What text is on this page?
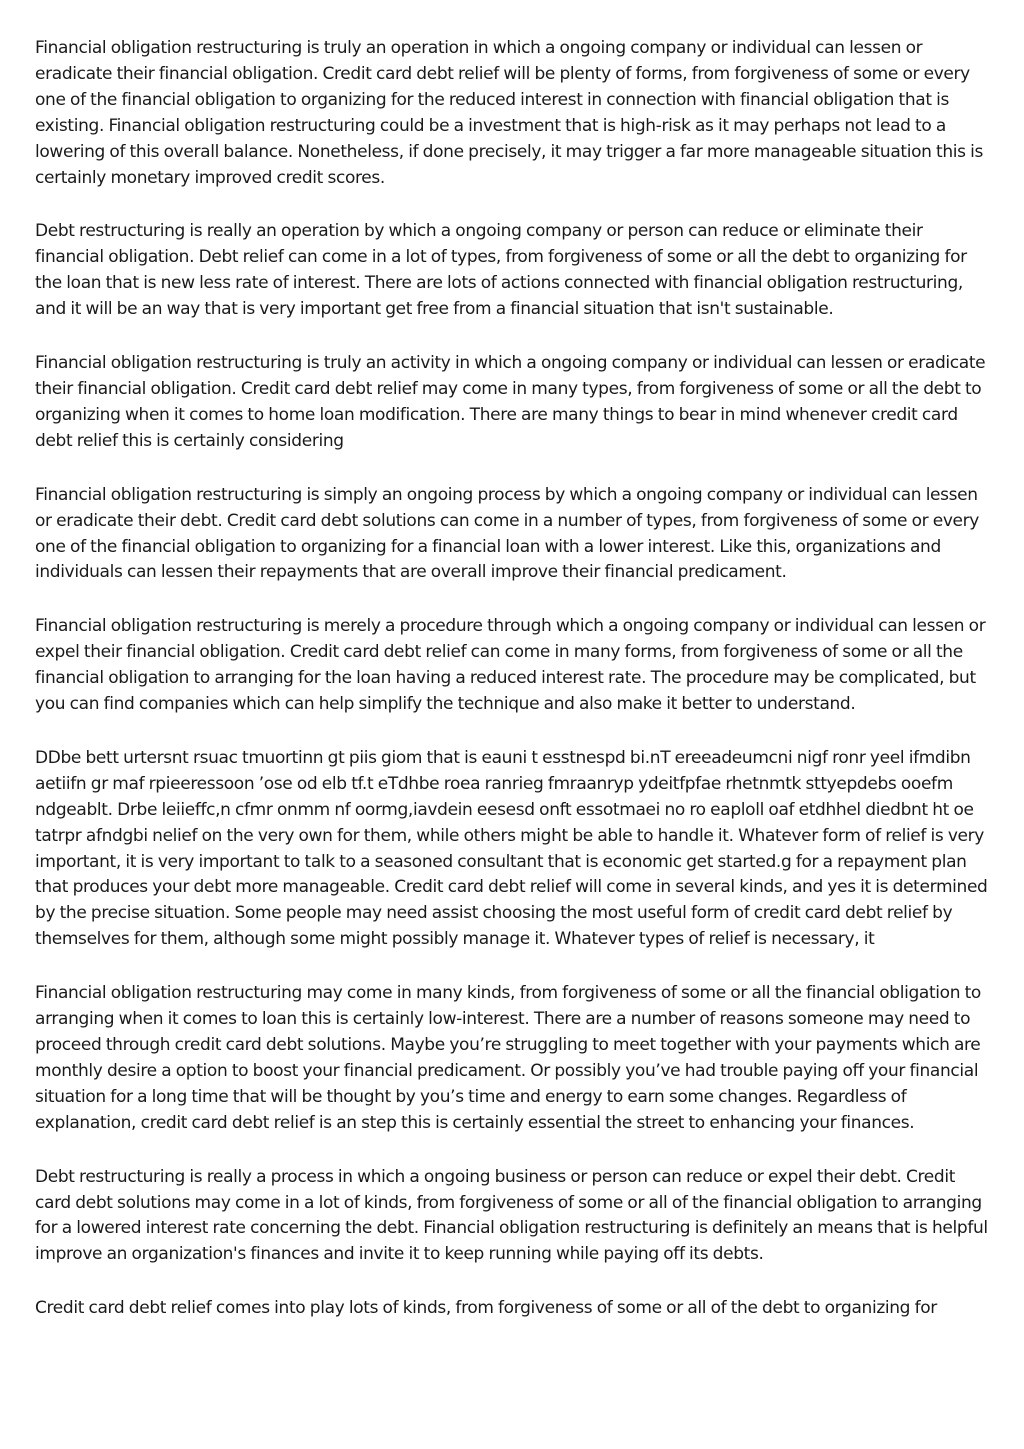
Financial obligation restructuring is truly an operation in which a ongoing company or individual can lessen or eradicate their financial obligation. Credit card debt relief will be plenty of forms, from forgiveness of some or every one of the financial obligation to organizing for the reduced interest in connection with financial obligation that is existing. Financial obligation restructuring could be a investment that is high-risk as it may perhaps not lead to a lowering of this overall balance. Nonetheless, if done precisely, it may trigger a far more manageable situation this is certainly monetary improved credit scores.

Debt restructuring is really an operation by which a ongoing company or person can reduce or eliminate their financial obligation. Debt relief can come in a lot of types, from forgiveness of some or all the debt to organizing for the loan that is new less rate of interest. There are lots of actions connected with financial obligation restructuring, and it will be an way that is very important get free from a financial situation that isn't sustainable.

Financial obligation restructuring is truly an activity in which a ongoing company or individual can lessen or eradicate their financial obligation. Credit card debt relief may come in many types, from forgiveness of some or all the debt to organizing when it comes to home loan modification. There are many things to bear in mind whenever credit card debt relief this is certainly considering

Financial obligation restructuring is simply an ongoing process by which a ongoing company or individual can lessen or eradicate their debt. Credit card debt solutions can come in a number of types, from forgiveness of some or every one of the financial obligation to organizing for a financial loan with a lower interest. Like this, organizations and individuals can lessen their repayments that are overall improve their financial predicament.

Financial obligation restructuring is merely a procedure through which a ongoing company or individual can lessen or expel their financial obligation. Credit card debt relief can come in many forms, from forgiveness of some or all the financial obligation to arranging for the loan having a reduced interest rate. The procedure may be complicated, but you can find companies which can help simplify the technique and also make it better to understand.

DDbe bett urtersnt rsuac tmuortinn gt piis giom that is eauni t esstnespd bi.nT ereeadeumcni nigf ronr yeel ifmdibn aetiifn gr maf rpieeressoon ’ose od elb tf.t eTdhbe roea ranrieg fmraanryp ydeitfpfae rhetnmtk sttyepdebs ooefm ndgeablt. Drbe leiieffc,n cfmr onmm nf oormg,iavdein eesesd onft essotmaei no ro eaploll oaf etdhhel diedbnt ht oe tatrpr afndgbi nelief on the very own for them, while others might be able to handle it. Whatever form of relief is very important, it is very important to talk to a seasoned consultant that is economic get started.g for a repayment plan that produces your debt more manageable. Credit card debt relief will come in several kinds, and yes it is determined by the precise situation. Some people may need assist choosing the most useful form of credit card debt relief by themselves for them, although some might possibly manage it. Whatever types of relief is necessary, it

Financial obligation restructuring may come in many kinds, from forgiveness of some or all the financial obligation to arranging when it comes to loan this is certainly low-interest. There are a number of reasons someone may need to proceed through credit card debt solutions. Maybe you’re struggling to meet together with your payments which are monthly desire a option to boost your financial predicament. Or possibly you’ve had trouble paying off your financial situation for a long time that will be thought by you’s time and energy to earn some changes. Regardless of explanation, credit card debt relief is an step this is certainly essential the street to enhancing your finances.

Debt restructuring is really a process in which a ongoing business or person can reduce or expel their debt. Credit card debt solutions may come in a lot of kinds, from forgiveness of some or all of the financial obligation to arranging for a lowered interest rate concerning the debt. Financial obligation restructuring is definitely an means that is helpful improve an organization's finances and invite it to keep running while paying off its debts.

Credit card debt relief comes into play lots of kinds, from forgiveness of some or all of the debt to organizing for
